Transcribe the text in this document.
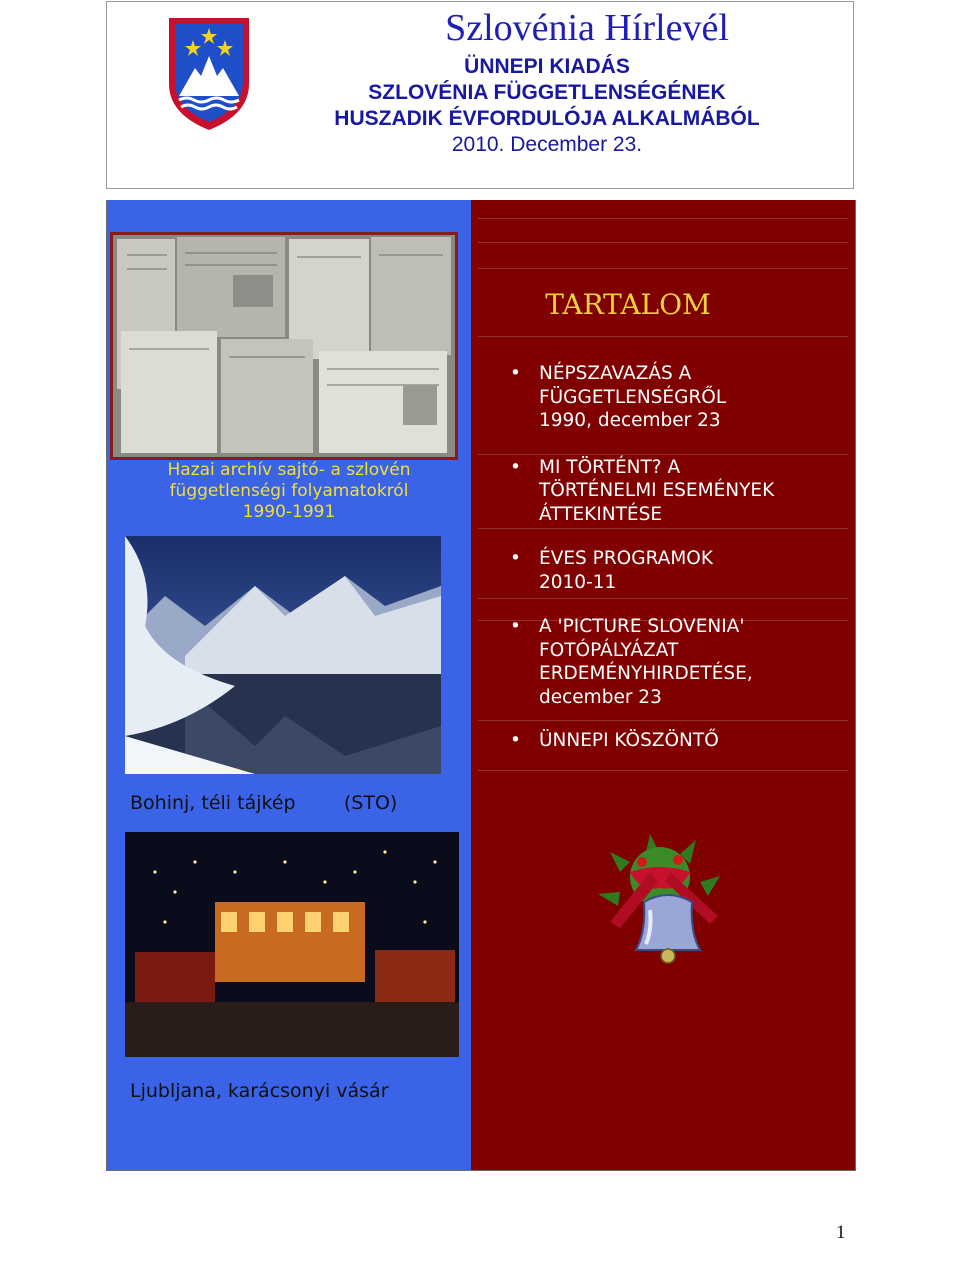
Szlovénia Hírlevél
ÜNNEPI KIADÁS
SZLOVÉNIA FÜGGETLENSÉGÉNEK
HUSZADIK ÉVFORDULÓJA ALKALMÁBÓL
2010. December 23.
Hazai archív sajtó- a szlovén
függetlenségi folyamatokról
1990-1991
Bohinj, téli tájkép        (STO)
Ljubljana, karácsonyi vásár
TARTALOM
• NÉPSZAVAZÁS A
FÜGGETLENSÉGRŐL
1990, december 23
• MI TÖRTÉNT? A
TÖRTÉNELMI ESEMÉNYEK
ÁTTEKINTÉSE
• ÉVES PROGRAMOK
2010-11
• A 'PICTURE SLOVENIA'
FOTÓPÁLYÁZAT
ERDEMÉNYHIRDETÉSE,
december 23
• ÜNNEPI KÖSZÖNTŐ
1
